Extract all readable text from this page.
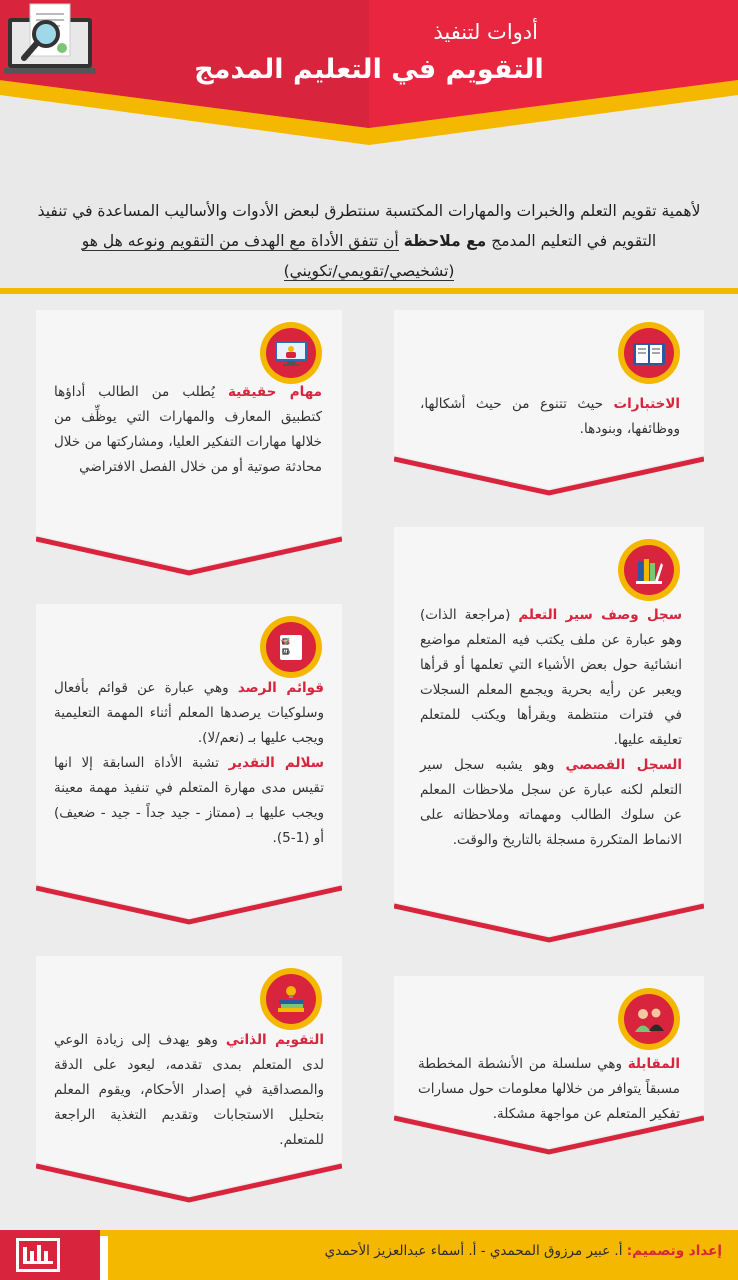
أدوات لتنفيذ
التقويم في التعليم المدمج
لأهمية تقويم التعلم والخبرات والمهارات المكتسبة سنتطرق لبعض الأدوات والأساليب المساعدة في تنفيذ التقويم في التعليم المدمج مع ملاحظة أن تتفق الأداة مع الهدف من التقويم ونوعه هل هو
(تشخيصي/تقويمي/تكويني)
الاختبارات حيث تتنوع من حيث أشكالها، ووظائفها، وبنودها.
مهام حقيقية يُطلب من الطالب أداؤها كتطبيق المعارف والمهارات التي يوظِّف من خلالها مهارات التفكير العليا، ومشاركتها من خلال محادثة صوتية أو من خلال الفصل الافتراضي
سجل وصف سير التعلم (مراجعة الذات) وهو عبارة عن ملف يكتب فيه المتعلم مواضيع انشائية حول بعض الأشياء التي تعلمها أو قرأها ويعبر عن رأيه بحرية ويجمع المعلم السجلات في فترات منتظمة ويقرأها ويكتب للمتعلم تعليقه عليها.
السجل القصصي وهو يشبه سجل سير التعلم لكنه عبارة عن سجل ملاحظات المعلم عن سلوك الطالب ومهماته وملاحظاته على الانماط المتكررة مسجلة بالتاريخ والوقت.
Yes
No
قوائم الرصد وهي عبارة عن قوائم بأفعال وسلوكيات يرصدها المعلم أثناء المهمة التعليمية ويجب عليها بـ (نعم/لا).
سلالم التقدير تشبة الأداة السابقة إلا انها تقيس مدى مهارة المتعلم في تنفيذ مهمة معينة ويجب عليها بـ (ممتاز - جيد جداً - جيد - ضعيف) أو (1-5).
المقابلة وهي سلسلة من الأنشطة المخططة مسبقاً يتوافر من خلالها معلومات حول مسارات تفكير المتعلم عن مواجهة مشكلة.
التقويم الذاتي وهو يهدف إلى زيادة الوعي لدى المتعلم بمدى تقدمه، ليعود على الدقة والمصداقية في إصدار الأحكام، ويقوم المعلم بتحليل الاستجابات وتقديم التغذية الراجعة للمتعلم.
إعداد وتصميم: أ. عبير مرزوق المحمدي - أ. أسماء عبدالعزيز الأحمدي
